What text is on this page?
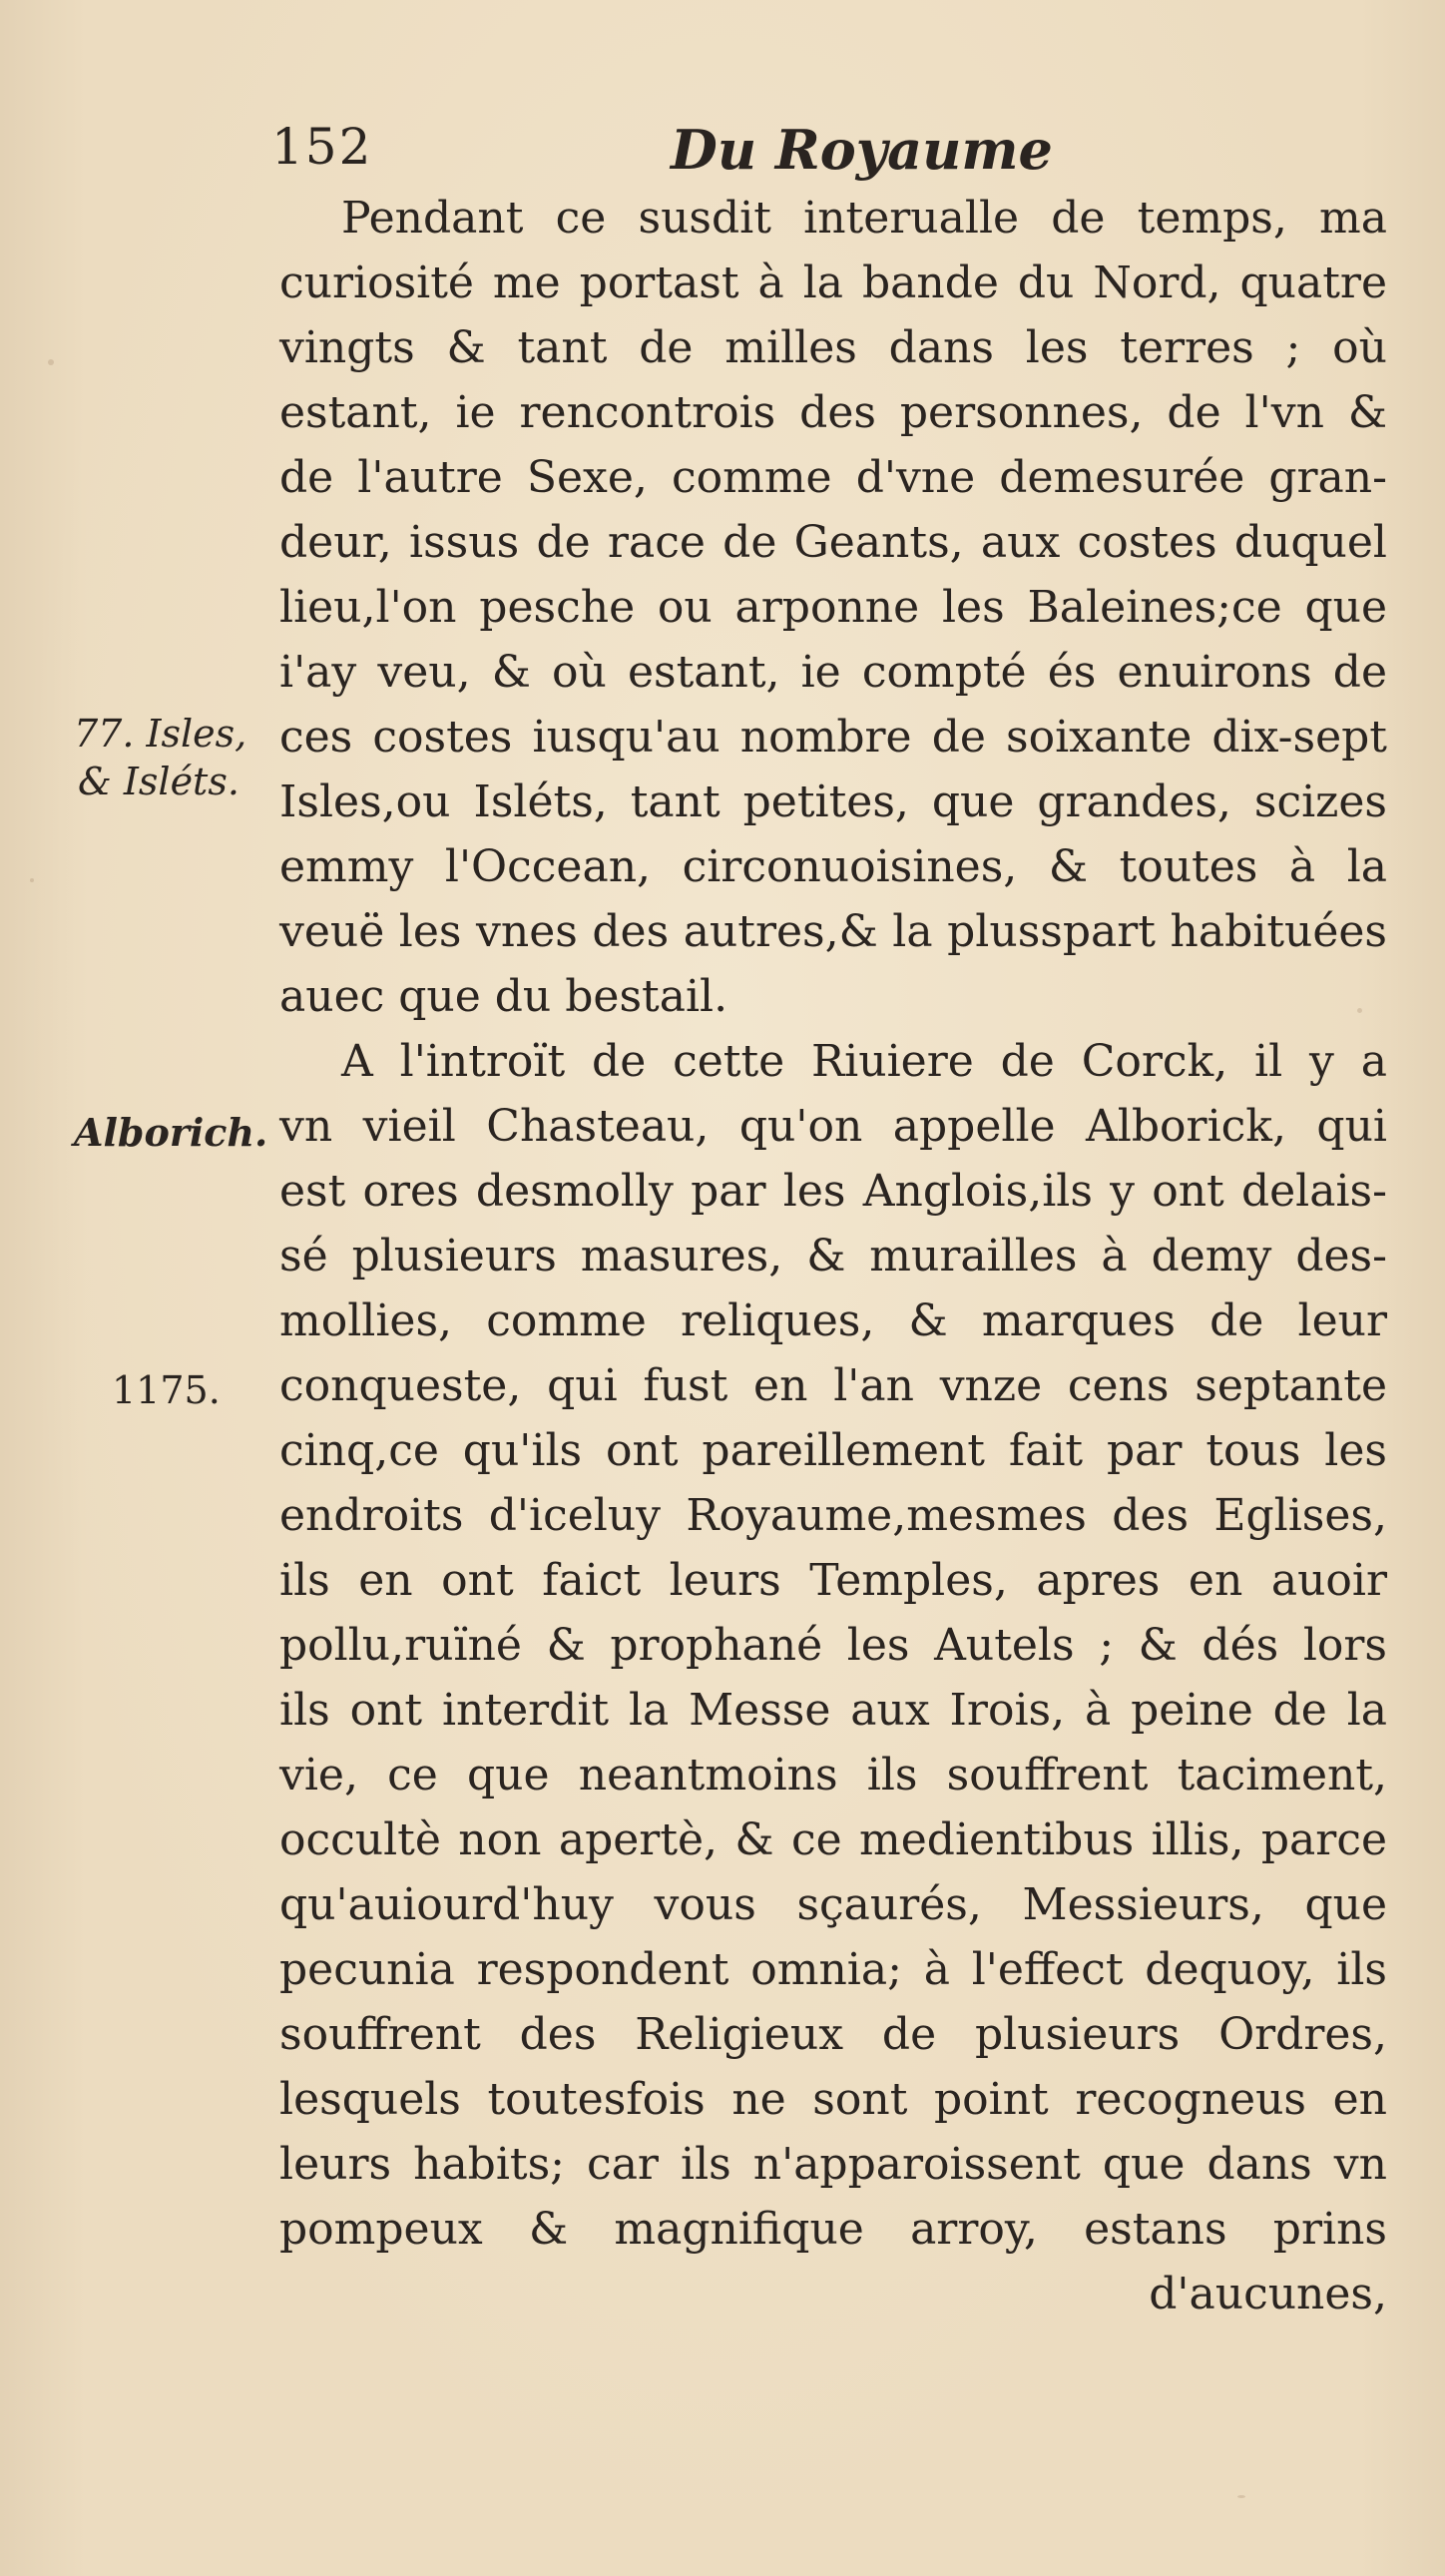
152	Du Royaume
77. Isles,
& Isléts.
Alborich.
1175.
Pendant ce susdit interualle de temps, ma
curiosité me portast à la bande du Nord, quatre
vingts & tant de milles dans les terres ; où
estant, ie rencontrois des personnes, de l'vn &
de l'autre Sexe, comme d'vne demesurée gran-
deur, issus de race de Geants, aux costes duquel
lieu,l'on pesche ou arponne les Baleines;ce que
i'ay veu, & où estant, ie compté és enuirons de
ces costes iusqu'au nombre de soixante dix-sept
Isles,ou Isléts, tant petites, que grandes, scizes
emmy l'Occean, circonuoisines, & toutes à la
veuë les vnes des autres,& la plusspart habituées
auec que du bestail.
A l'introït de cette Riuiere de Corck, il y a
vn vieil Chasteau, qu'on appelle Alborick, qui
est ores desmolly par les Anglois,ils y ont delais-
sé plusieurs masures, & murailles à demy des-
mollies, comme reliques, & marques de leur
conqueste, qui fust en l'an vnze cens septante
cinq,ce qu'ils ont pareillement fait par tous les
endroits d'iceluy Royaume,mesmes des Eglises,
ils en ont faict leurs Temples, apres en auoir
pollu,ruïné & prophané les Autels ; & dés lors
ils ont interdit la Messe aux Irois, à peine de la
vie, ce que neantmoins ils souffrent taciment,
occultè non apertè, & ce medientibus illis, parce
qu'auiourd'huy vous sçaurés, Messieurs, que
pecunia respondent omnia; à l'effect dequoy, ils
souffrent des Religieux de plusieurs Ordres,
lesquels toutesfois ne sont point recogneus en
leurs habits; car ils n'apparoissent que dans vn
pompeux & magnifique arroy, estans prins
d'aucunes,
